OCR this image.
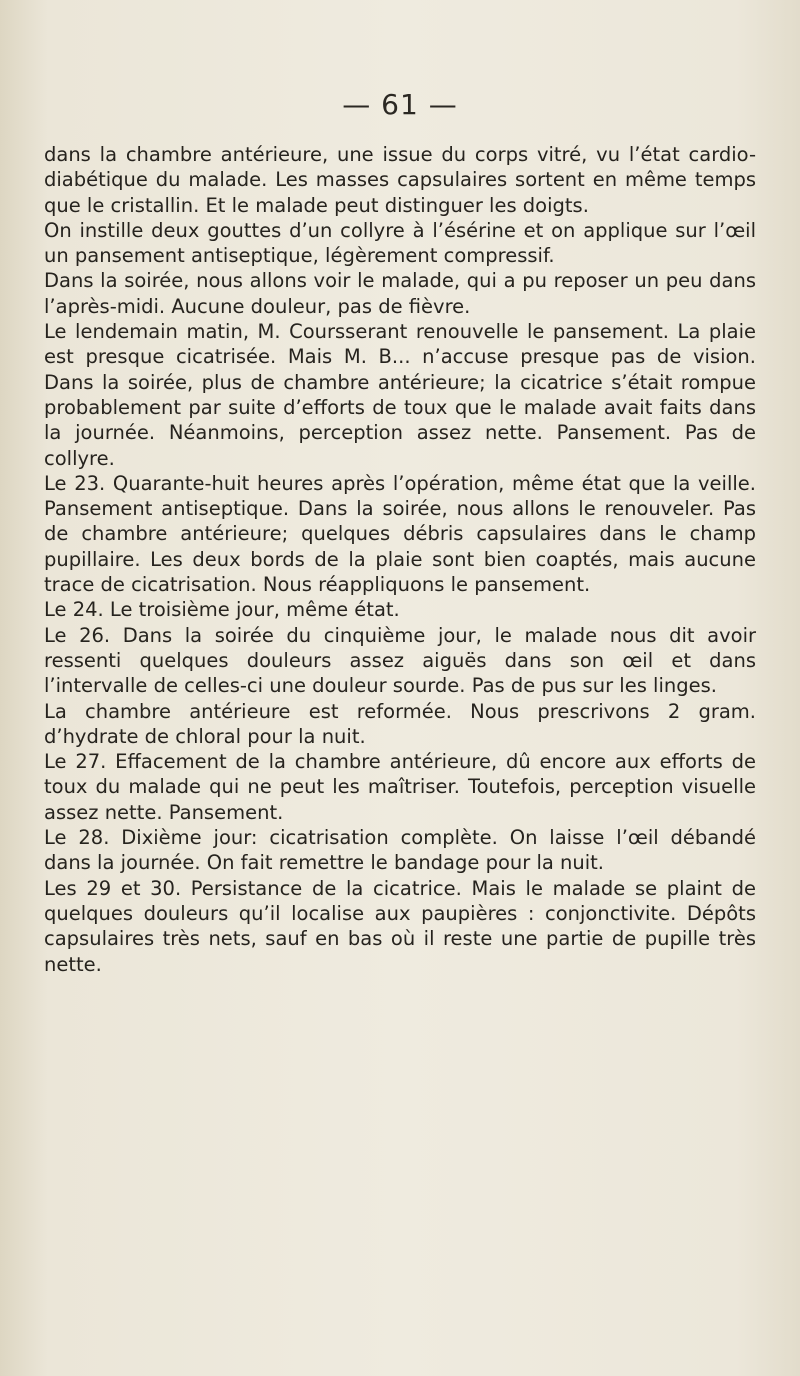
— 61 —

dans la chambre antérieure, une issue du corps vitré, vu l’état cardio-diabétique du malade. Les masses capsulaires sortent en même temps que le cristallin. Et le malade peut distinguer les doigts.

On instille deux gouttes d’un collyre à l’ésérine et on applique sur l’œil un pansement antiseptique, légèrement compressif.

Dans la soirée, nous allons voir le malade, qui a pu reposer un peu dans l’après-midi. Aucune douleur, pas de fièvre.

Le lendemain matin, M. Coursserant renouvelle le pansement. La plaie est presque cicatrisée. Mais M. B... n’accuse presque pas de vision. Dans la soirée, plus de chambre antérieure; la cicatrice s’était rompue probablement par suite d’efforts de toux que le malade avait faits dans la journée. Néanmoins, perception assez nette. Pansement. Pas de collyre.

Le 23. Quarante-huit heures après l’opération, même état que la veille. Pansement antiseptique. Dans la soirée, nous allons le renouveler. Pas de chambre antérieure; quelques débris capsulaires dans le champ pupillaire. Les deux bords de la plaie sont bien coaptés, mais aucune trace de cicatrisation. Nous réappliquons le pansement.

Le 24. Le troisième jour, même état.

Le 26. Dans la soirée du cinquième jour, le malade nous dit avoir ressenti quelques douleurs assez aiguës dans son œil et dans l’intervalle de celles-ci une douleur sourde. Pas de pus sur les linges.

La chambre antérieure est reformée. Nous prescrivons 2 gram. d’hydrate de chloral pour la nuit.

Le 27. Effacement de la chambre antérieure, dû encore aux efforts de toux du malade qui ne peut les maîtriser. Toutefois, perception visuelle assez nette. Pansement.

Le 28. Dixième jour: cicatrisation complète. On laisse l’œil débandé dans la journée. On fait remettre le bandage pour la nuit.

Les 29 et 30. Persistance de la cicatrice. Mais le malade se plaint de quelques douleurs qu’il localise aux paupières : conjonctivite. Dépôts capsulaires très nets, sauf en bas où il reste une partie de pupille très nette.
